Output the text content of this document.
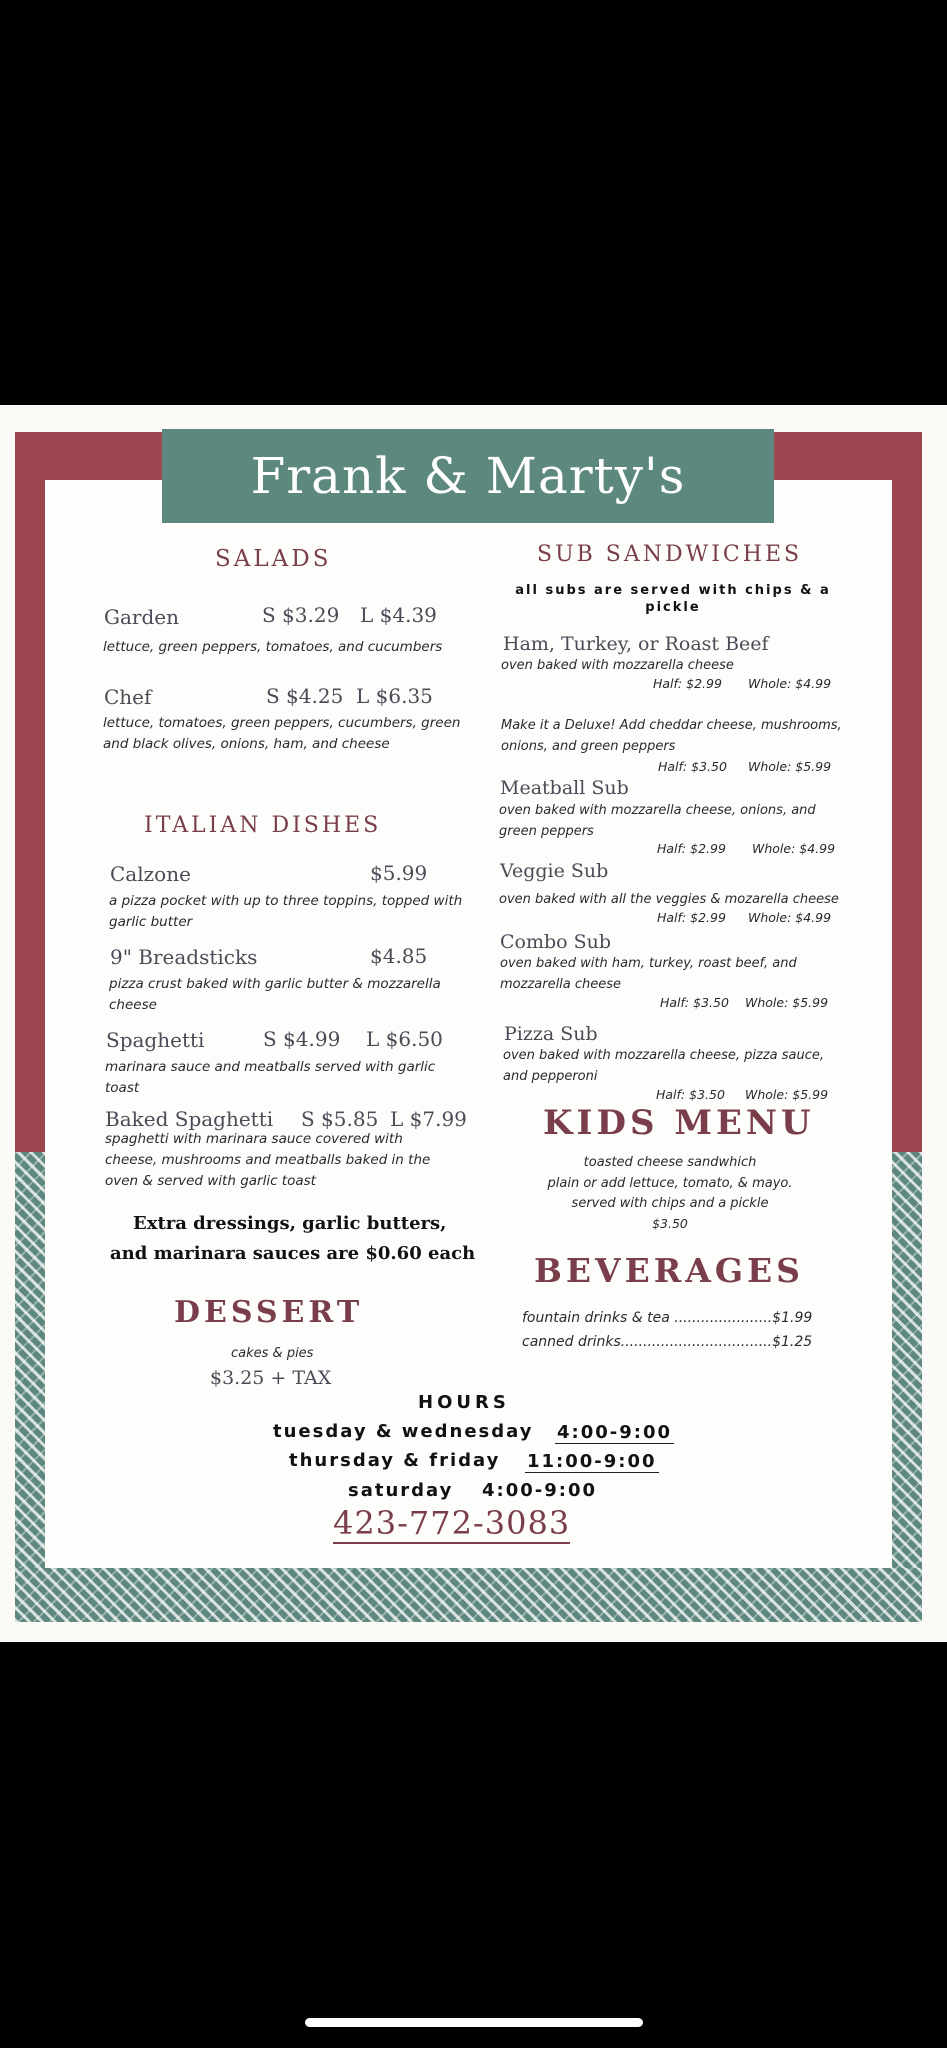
Frank & Marty's
SALADS
Garden	S $3.29 L $4.39
lettuce, green peppers, tomatoes, and cucumbers
Chef	S $4.25 L $6.35
lettuce, tomatoes, green peppers, cucumbers, green and black olives, onions, ham, and cheese
ITALIAN DISHES
Calzone	$5.99
a pizza pocket with up to three toppins, topped with garlic butter
9" Breadsticks	$4.85
pizza crust baked with garlic butter & mozzarella cheese
Spaghetti	S $4.99 L $6.50
marinara sauce and meatballs served with garlic toast
Baked Spaghetti S $5.85 L $7.99
spaghetti with marinara sauce covered with cheese, mushrooms and meatballs baked in the oven & served with garlic toast
Extra dressings, garlic butters,
and marinara sauces are $0.60 each
DESSERT
cakes & pies
$3.25 + TAX
SUB SANDWICHES
all subs are served with chips & a pickle
Ham, Turkey, or Roast Beef
oven baked with mozzarella cheese
Half: $2.99 Whole: $4.99
Make it a Deluxe! Add cheddar cheese, mushrooms, onions, and green peppers
Half: $3.50 Whole: $5.99
Meatball Sub
oven baked with mozzarella cheese, onions, and green peppers
Half: $2.99 Whole: $4.99
Veggie Sub
oven baked with all the veggies & mozarella cheese
Half: $2.99 Whole: $4.99
Combo Sub
oven baked with ham, turkey, roast beef, and mozzarella cheese
Half: $3.50 Whole: $5.99
Pizza Sub
oven baked with mozzarella cheese, pizza sauce, and pepperoni
Half: $3.50 Whole: $5.99
KIDS MENU
toasted cheese sandwhich
plain or add lettuce, tomato, & mayo.
served with chips and a pickle
$3.50
BEVERAGES
fountain drinks & tea ......................$1.99
canned drinks..................................$1.25
HOURS
tuesday & wednesday 4:00-9:00
thursday & friday 11:00-9:00
saturday 4:00-9:00
423-772-3083
